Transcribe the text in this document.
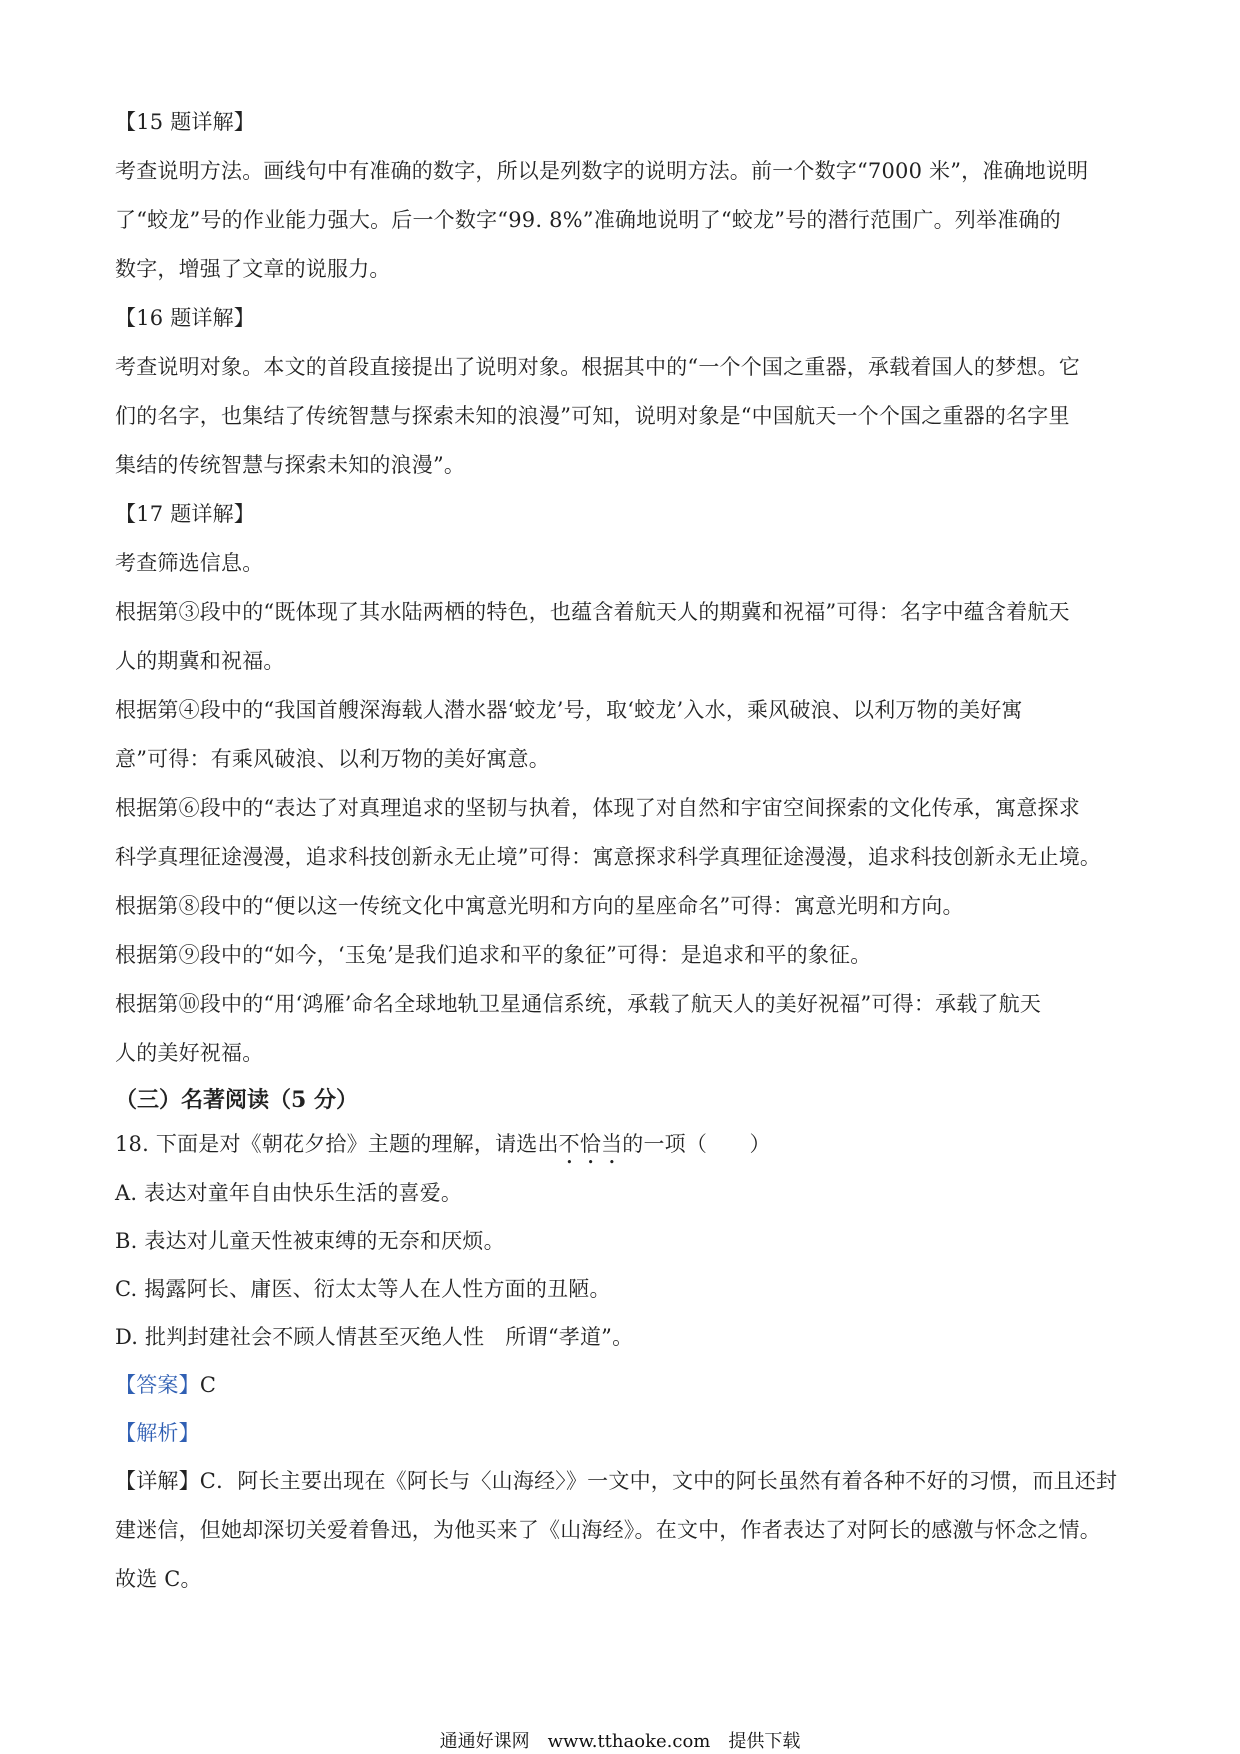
【15 题详解】
考查说明方法。画线句中有准确的数字，所以是列数字的说明方法。前一个数字“7000 米”，准确地说明
了“蛟龙”号的作业能力强大。后一个数字“99. 8%”准确地说明了“蛟龙”号的潜行范围广。列举准确的
数字，增强了文章的说服力。
【16 题详解】
考查说明对象。本文的首段直接提出了说明对象。根据其中的“一个个国之重器，承载着国人的梦想。它
们的名字，也集结了传统智慧与探索未知的浪漫”可知，说明对象是“中国航天一个个国之重器的名字里
集结的传统智慧与探索未知的浪漫”。
【17 题详解】
考查筛选信息。
根据第③段中的“既体现了其水陆两栖的特色，也蕴含着航天人的期冀和祝福”可得：名字中蕴含着航天
人的期冀和祝福。
根据第④段中的“我国首艘深海载人潜水器‘蛟龙’号，取‘蛟龙’入水，乘风破浪、以利万物的美好寓
意”可得：有乘风破浪、以利万物的美好寓意。
根据第⑥段中的“表达了对真理追求的坚韧与执着，体现了对自然和宇宙空间探索的文化传承，寓意探求
科学真理征途漫漫，追求科技创新永无止境”可得：寓意探求科学真理征途漫漫，追求科技创新永无止境。
根据第⑧段中的“便以这一传统文化中寓意光明和方向的星座命名”可得：寓意光明和方向。
根据第⑨段中的“如今，‘玉兔’是我们追求和平的象征”可得：是追求和平的象征。
根据第⑩段中的“用‘鸿雁’命名全球地轨卫星通信系统，承载了航天人的美好祝福”可得：承载了航天
人的美好祝福。
（三）名著阅读（5 分）
18. 下面是对《朝花夕拾》主题的理解，请选出不恰当的一项（　　）
A. 表达对童年自由快乐生活的喜爱。
B. 表达对儿童天性被束缚的无奈和厌烦。
C. 揭露阿长、庸医、衍太太等人在人性方面的丑陋。
D. 批判封建社会不顾人情甚至灭绝人性　所谓“孝道”。
【答案】C
【解析】
【详解】C．阿长主要出现在《阿长与〈山海经〉》一文中，文中的阿长虽然有着各种不好的习惯，而且还封
建迷信，但她却深切关爱着鲁迅，为他买来了《山海经》。在文中，作者表达了对阿长的感激与怀念之情。
故选 C。
通通好课网　www.tthaoke.com　提供下载
